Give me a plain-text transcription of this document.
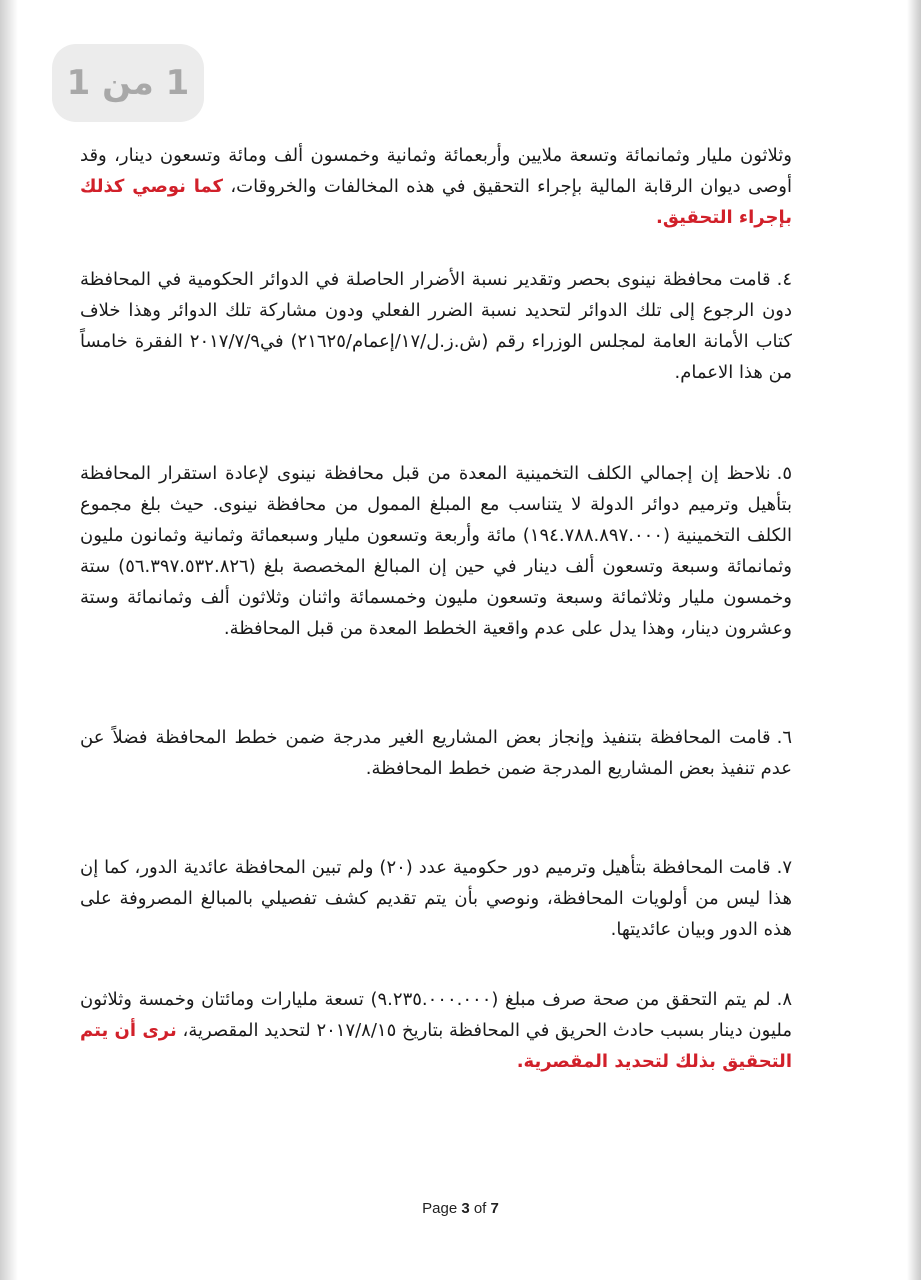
1 من 1
وثلاثون مليار وثمانمائة وتسعة ملايين وأربعمائة وثمانية وخمسون ألف ومائة وتسعون دينار، وقد أوصى ديوان الرقابة المالية بإجراء التحقيق في هذه المخالفات والخروقات، كما نوصي كذلك بإجراء التحقيق.
٤.قامت محافظة نينوى بحصر وتقدير نسبة الأضرار الحاصلة في الدوائر الحكومية في المحافظة دون الرجوع إلى تلك الدوائر لتحديد نسبة الضرر الفعلي ودون مشاركة تلك الدوائر وهذا خلاف كتاب الأمانة العامة لمجلس الوزراء رقم (ش.ز.ل/١٧/إعمام/٢١٦٢٥) في٢٠١٧/٧/٩ الفقرة خامساً من هذا الاعمام.
٥.نلاحظ إن إجمالي الكلف التخمينية المعدة من قبل محافظة نينوى لإعادة استقرار المحافظة بتأهيل وترميم دوائر الدولة لا يتناسب مع المبلغ الممول من محافظة نينوى. حيث بلغ مجموع الكلف التخمينية (١٩٤.٧٨٨.٨٩٧.٠٠٠) مائة وأربعة وتسعون مليار وسبعمائة وثمانية وثمانون مليون وثمانمائة وسبعة وتسعون ألف دينار في حين إن المبالغ المخصصة بلغ (٥٦.٣٩٧.٥٣٢.٨٢٦) ستة وخمسون مليار وثلاثمائة وسبعة وتسعون مليون وخمسمائة واثنان وثلاثون ألف وثمانمائة وستة وعشرون دينار، وهذا يدل على عدم واقعية الخطط المعدة من قبل المحافظة.
٦.قامت المحافظة بتنفيذ وإنجاز بعض المشاريع الغير مدرجة ضمن خطط المحافظة فضلاً عن عدم تنفيذ بعض المشاريع المدرجة ضمن خطط المحافظة.
٧.قامت المحافظة بتأهيل وترميم دور حكومية عدد (٢٠) ولم تبين المحافظة عائدية الدور، كما إن هذا ليس من أولويات المحافظة، ونوصي بأن يتم تقديم كشف تفصيلي بالمبالغ المصروفة على هذه الدور وبيان عائديتها.
٨.لم يتم التحقق من صحة صرف مبلغ (٩.٢٣٥.٠٠٠.٠٠٠) تسعة مليارات ومائتان وخمسة وثلاثون مليون دينار بسبب حادث الحريق في المحافظة بتاريخ ٢٠١٧/٨/١٥ لتحديد المقصرية، نرى أن يتم التحقيق بذلك لتحديد المقصرية.
Page 3 of 7
